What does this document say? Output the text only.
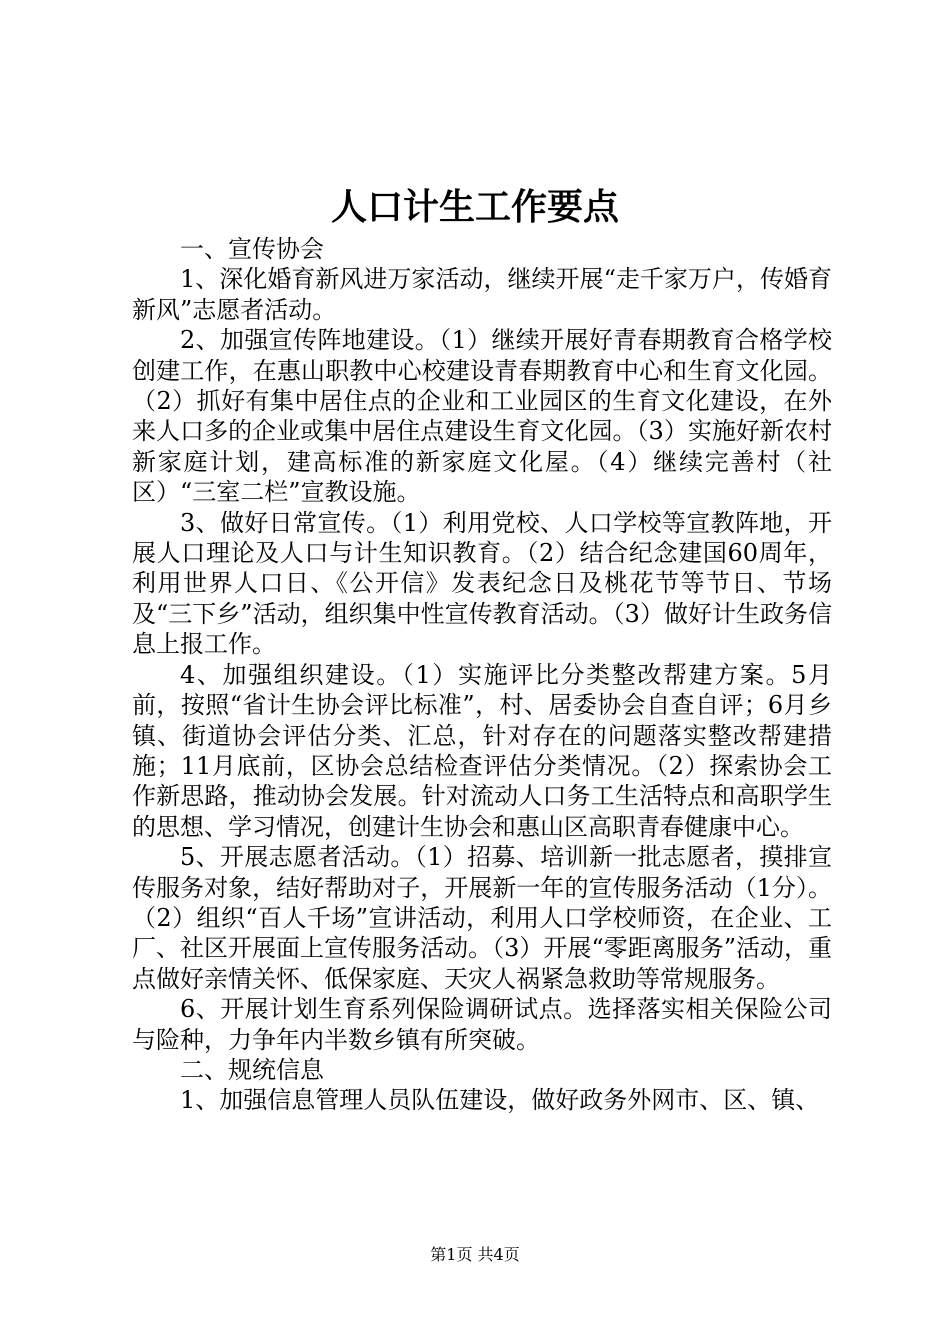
人口计生工作要点

一、宣传协会

1、深化婚育新风进万家活动，继续开展“走千家万户，传婚育新风”志愿者活动。

2、加强宣传阵地建设。（1）继续开展好青春期教育合格学校创建工作，在惠山职教中心校建设青春期教育中心和生育文化园。（2）抓好有集中居住点的企业和工业园区的生育文化建设，在外来人口多的企业或集中居住点建设生育文化园。（3）实施好新农村新家庭计划，建高标准的新家庭文化屋。（4）继续完善村（社区）“三室二栏”宣教设施。

3、做好日常宣传。（1）利用党校、人口学校等宣教阵地，开展人口理论及人口与计生知识教育。（2）结合纪念建国60周年，利用世界人口日、《公开信》发表纪念日及桃花节等节日、节场及“三下乡”活动，组织集中性宣传教育活动。（3）做好计生政务信息上报工作。

4、加强组织建设。（1）实施评比分类整改帮建方案。5月前，按照“省计生协会评比标准”，村、居委协会自查自评；6月乡镇、街道协会评估分类、汇总，针对存在的问题落实整改帮建措施；11月底前，区协会总结检查评估分类情况。（2）探索协会工作新思路，推动协会发展。针对流动人口务工生活特点和高职学生的思想、学习情况，创建计生协会和惠山区高职青春健康中心。

5、开展志愿者活动。（1）招募、培训新一批志愿者，摸排宣传服务对象，结好帮助对子，开展新一年的宣传服务活动（1分）。（2）组织“百人千场”宣讲活动，利用人口学校师资，在企业、工厂、社区开展面上宣传服务活动。（3）开展“零距离服务”活动，重点做好亲情关怀、低保家庭、天灾人祸紧急救助等常规服务。

6、开展计划生育系列保险调研试点。选择落实相关保险公司与险种，力争年内半数乡镇有所突破。

二、规统信息

1、加强信息管理人员队伍建设，做好政务外网市、区、镇、

第1页 共4页
